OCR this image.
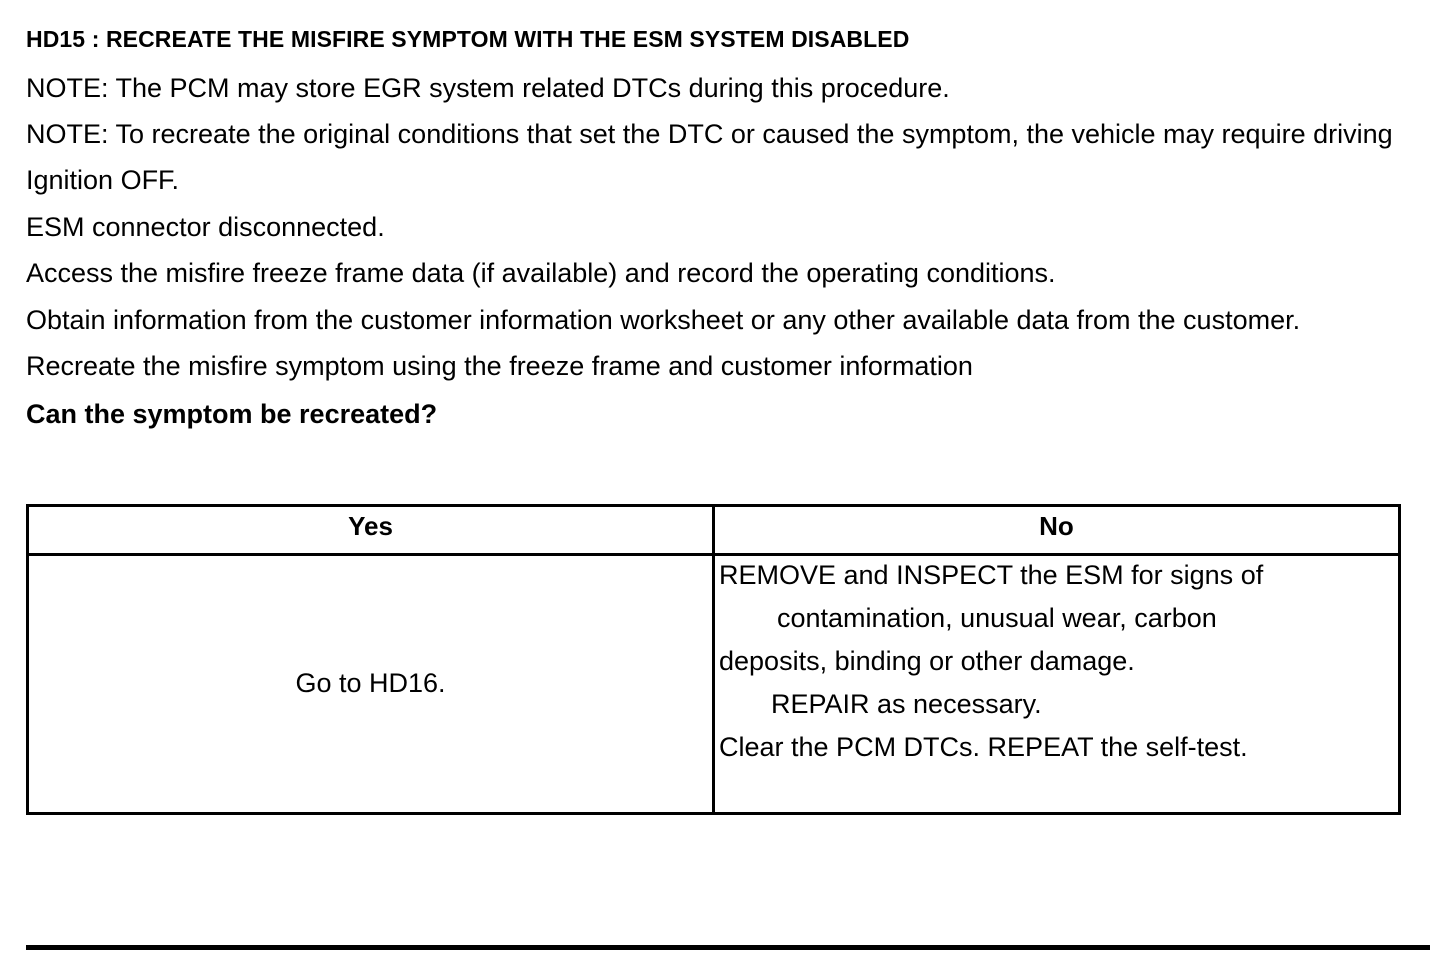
HD15 : RECREATE THE MISFIRE SYMPTOM WITH THE ESM SYSTEM DISABLED

NOTE: The PCM may store EGR system related DTCs during this procedure.

NOTE: To recreate the original conditions that set the DTC or caused the symptom, the vehicle may require driving

Ignition OFF.

ESM connector disconnected.

Access the misfire freeze frame data (if available) and record the operating conditions.

Obtain information from the customer information worksheet or any other available data from the customer.

Recreate the misfire symptom using the freeze frame and customer information

Can the symptom be recreated?

Yes	No

Go to HD16.	REMOVE and INSPECT the ESM for signs of

contamination, unusual wear, carbon

deposits, binding or other damage.

REPAIR as necessary.

Clear the PCM DTCs. REPEAT the self-test.
